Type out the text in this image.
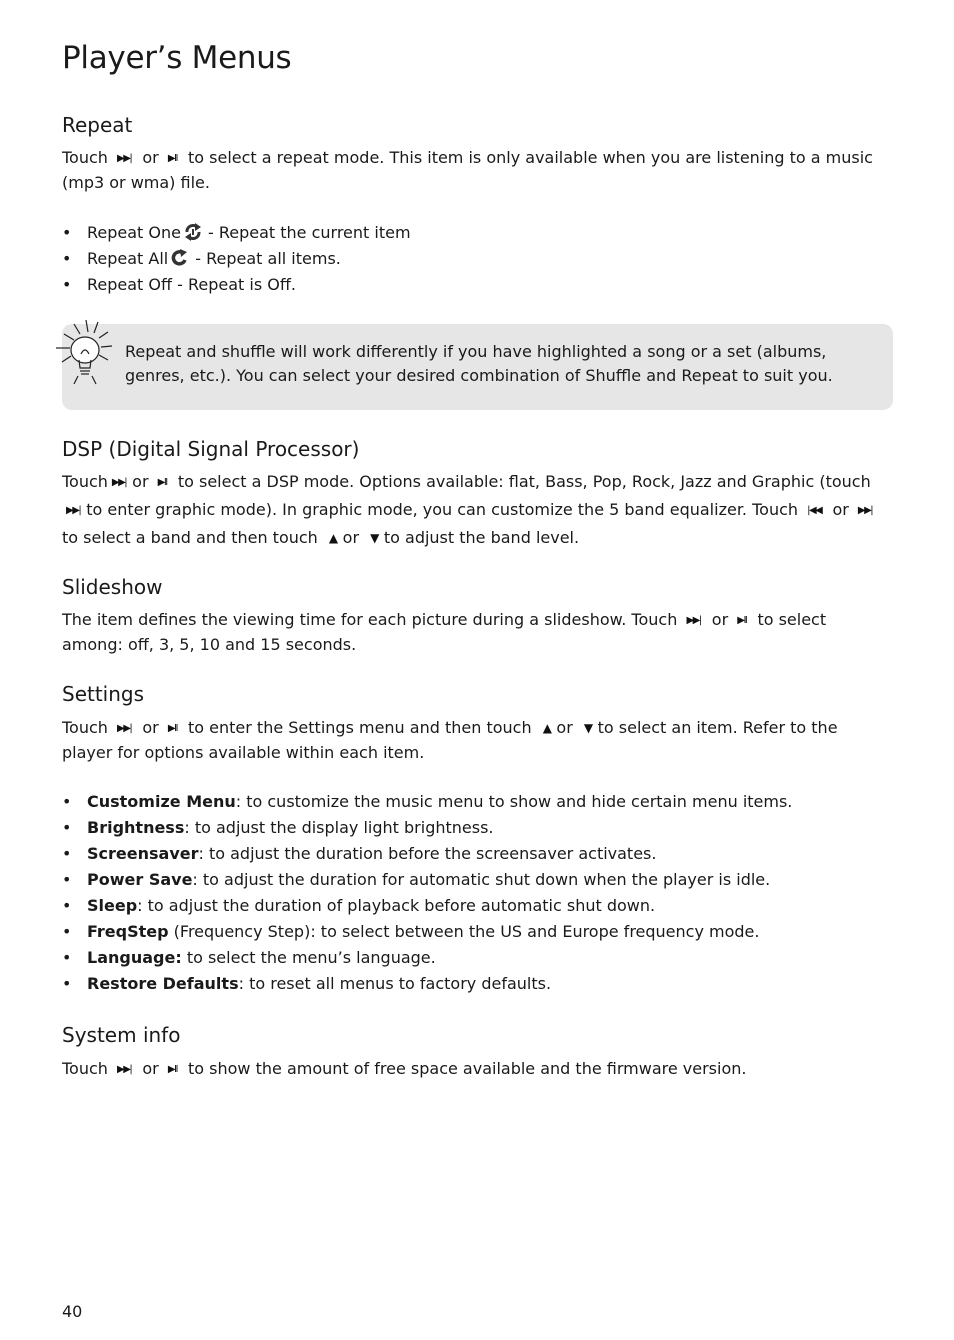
Player’s Menus
Repeat

Touch ▶▶| or ▶II to select a repeat mode. This item is only available when you are listening to a music (mp3 or wma) file.

• Repeat One - Repeat the current item
• Repeat All - Repeat all items.
• Repeat Off - Repeat is Off.

Repeat and shuffle will work differently if you have highlighted a song or a set (albums, genres, etc.). You can select your desired combination of Shuffle and Repeat to suit you.

DSP (Digital Signal Processor)

Touch ▶▶| or ▶II to select a DSP mode. Options available: flat, Bass, Pop, Rock, Jazz and Graphic (touch▶▶| to enter graphic mode). In graphic mode, you can customize the 5 band equalizer. Touch |◀◀ or ▶▶| to select a band and then touch ▲ or ▼ to adjust the band level.

Slideshow

The item defines the viewing time for each picture during a slideshow. Touch ▶▶| or ▶II to select among: off, 3, 5, 10 and 15 seconds.

Settings

Touch ▶▶| or ▶II to enter the Settings menu and then touch ▲ or ▼ to select an item. Refer to the player for options available within each item.

• Customize Menu: to customize the music menu to show and hide certain menu items.
• Brightness: to adjust the display light brightness.
• Screensaver: to adjust the duration before the screensaver activates.
• Power Save: to adjust the duration for automatic shut down when the player is idle.
• Sleep: to adjust the duration of playback before automatic shut down.
• FreqStep (Frequency Step): to select between the US and Europe frequency mode.
• Language: to select the menu’s language.
• Restore Defaults: to reset all menus to factory defaults.
System info

Touch ▶▶| or ▶II to show the amount of free space available and the firmware version.

40
